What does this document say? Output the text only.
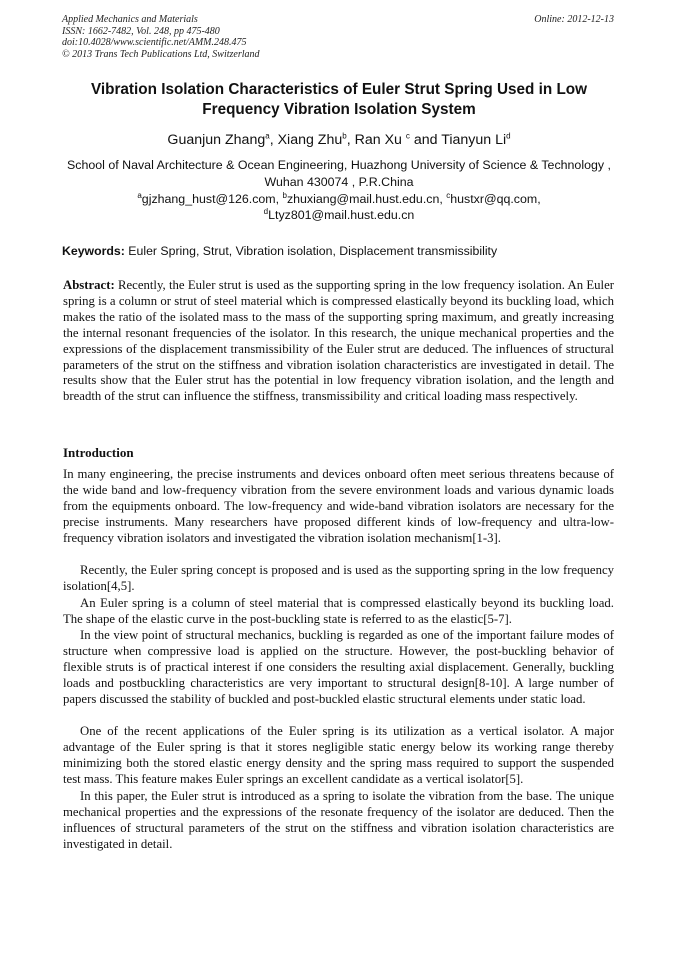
Applied Mechanics and Materials
ISSN: 1662-7482, Vol. 248, pp 475-480
doi:10.4028/www.scientific.net/AMM.248.475
© 2013 Trans Tech Publications Ltd, Switzerland
Online: 2012-12-13
Vibration Isolation Characteristics of Euler Strut Spring Used in Low Frequency Vibration Isolation System
Guanjun Zhang$^a$, Xiang Zhu$^b$, Ran Xu $^c$ and Tianyun Li$^d$
School of Naval Architecture & Ocean Engineering, Huazhong University of Science & Technology , Wuhan 430074 , P.R.China
$^a$gjzhang_hust@126.com, $^b$zhuxiang@mail.hust.edu.cn, $^c$hustxr@qq.com,
$^d$Ltyz801@mail.hust.edu.cn
Keywords: Euler Spring, Strut, Vibration isolation, Displacement transmissibility

Abstract: Recently, the Euler strut is used as the supporting spring in the low frequency isolation. An Euler spring is a column or strut of steel material which is compressed elastically beyond its buckling load, which makes the ratio of the isolated mass to the mass of the supporting spring maximum, and greatly increasing the internal resonant frequencies of the isolator. In this research, the unique mechanical properties and the expressions of the displacement transmissibility of the Euler strut are deduced. The influences of structural parameters of the strut on the stiffness and vibration isolation characteristics are investigated in detail. The results show that the Euler strut has the potential in low frequency vibration isolation, and the length and breadth of the strut can influence the stiffness, transmissibility and critical loading mass respectively.

Introduction

In many engineering, the precise instruments and devices onboard often meet serious threatens because of the wide band and low-frequency vibration from the severe environment loads and various dynamic loads from the equipments onboard. The low-frequency and wide-band vibration isolators are necessary for the precise instruments. Many researchers have proposed different kinds of low-frequency and ultra-low-frequency vibration isolators and investigated the vibration isolation mechanism[1-3].

Recently, the Euler spring concept is proposed and is used as the supporting spring in the low frequency isolation[4,5].

An Euler spring is a column of steel material that is compressed elastically beyond its buckling load. The shape of the elastic curve in the post-buckling state is referred to as the elastic[5-7].

In the view point of structural mechanics, buckling is regarded as one of the important failure modes of structure when compressive load is applied on the structure. However, the post-buckling behavior of flexible struts is of practical interest if one considers the resulting axial displacement. Generally, buckling loads and postbuckling characteristics are very important to structural design[8-10]. A large number of papers discussed the stability of buckled and post-buckled elastic structural elements under static load.

One of the recent applications of the Euler spring is its utilization as a vertical isolator. A major advantage of the Euler spring is that it stores negligible static energy below its working range thereby minimizing both the stored elastic energy density and the spring mass required to support the suspended test mass. This feature makes Euler springs an excellent candidate as a vertical isolator[5].

In this paper, the Euler strut is introduced as a spring to isolate the vibration from the base. The unique mechanical properties and the expressions of the resonate frequency of the isolator are deduced. Then the influences of structural parameters of the strut on the stiffness and vibration isolation characteristics are investigated in detail.
